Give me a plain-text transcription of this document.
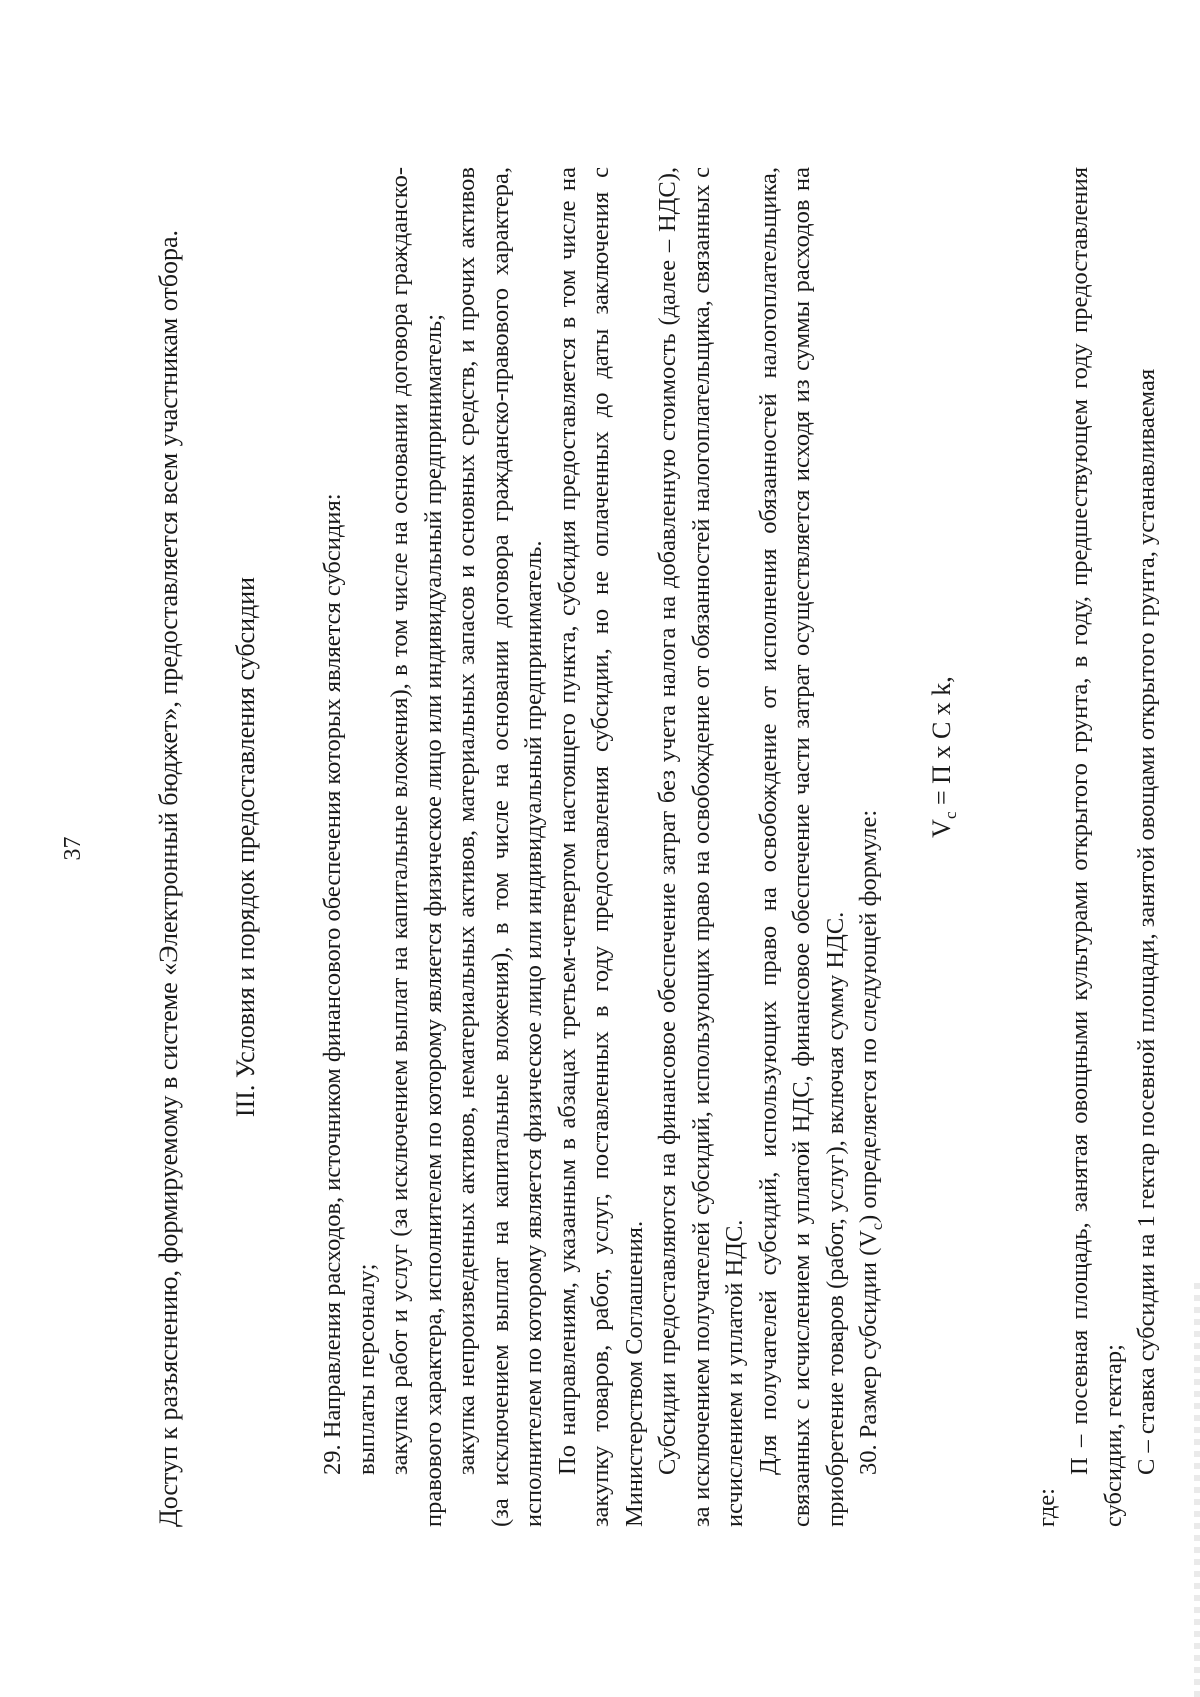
37	Доступ к разъяснению, формируемому в системе «Электронный бюджет», предоставляется всем участникам отбора. III. Условия и порядок предоставления субсидии 29. Направления расходов, источником финансового обеспечения которых является субсидия: выплаты персоналу; закупка работ и услуг (за исключением выплат на капитальные вложения), в том числе на основании договора гражданско-правового характера, исполнителем по которому является физическое лицо или индивидуальный предприниматель; закупка непроизведенных активов, нематериальных активов, материальных запасов и основных средств, и прочих активов (за исключением выплат на капитальные вложения), в том числе на основании договора гражданско-правового характера, исполнителем по которому является физическое лицо или индивидуальный предприниматель. По направлениям, указанным в абзацах третьем-четвертом настоящего пункта, субсидия предоставляется в том числе на закупку товаров, работ, услуг, поставленных в году предоставления субсидии, но не оплаченных до даты заключения с Министерством Соглашения. Субсидии предоставляются на финансовое обеспечение затрат без учета налога на добавленную стоимость (далее – НДС), за исключением получателей субсидий, использующих право на освобождение от обязанностей налогоплательщика, связанных с исчислением и уплатой НДС. Для получателей субсидий, использующих право на освобождение от исполнения обязанностей налогоплательщика, связанных с исчислением и уплатой НДС, финансовое обеспечение части затрат осуществляется исходя из суммы расходов на приобретение товаров (работ, услуг), включая сумму НДС. 30. Размер субсидии $(V_с)$ определяется по следующей формуле:	$V_с = П$ x С x k,

где:

П – посевная площадь, занятая овощными культурами открытого грунта, в году, предшествующем году предоставления субсидии, гектар; С – ставка субсидии на 1 гектар посевной площади, занятой овощами открытого грунта, устанавливаемая
